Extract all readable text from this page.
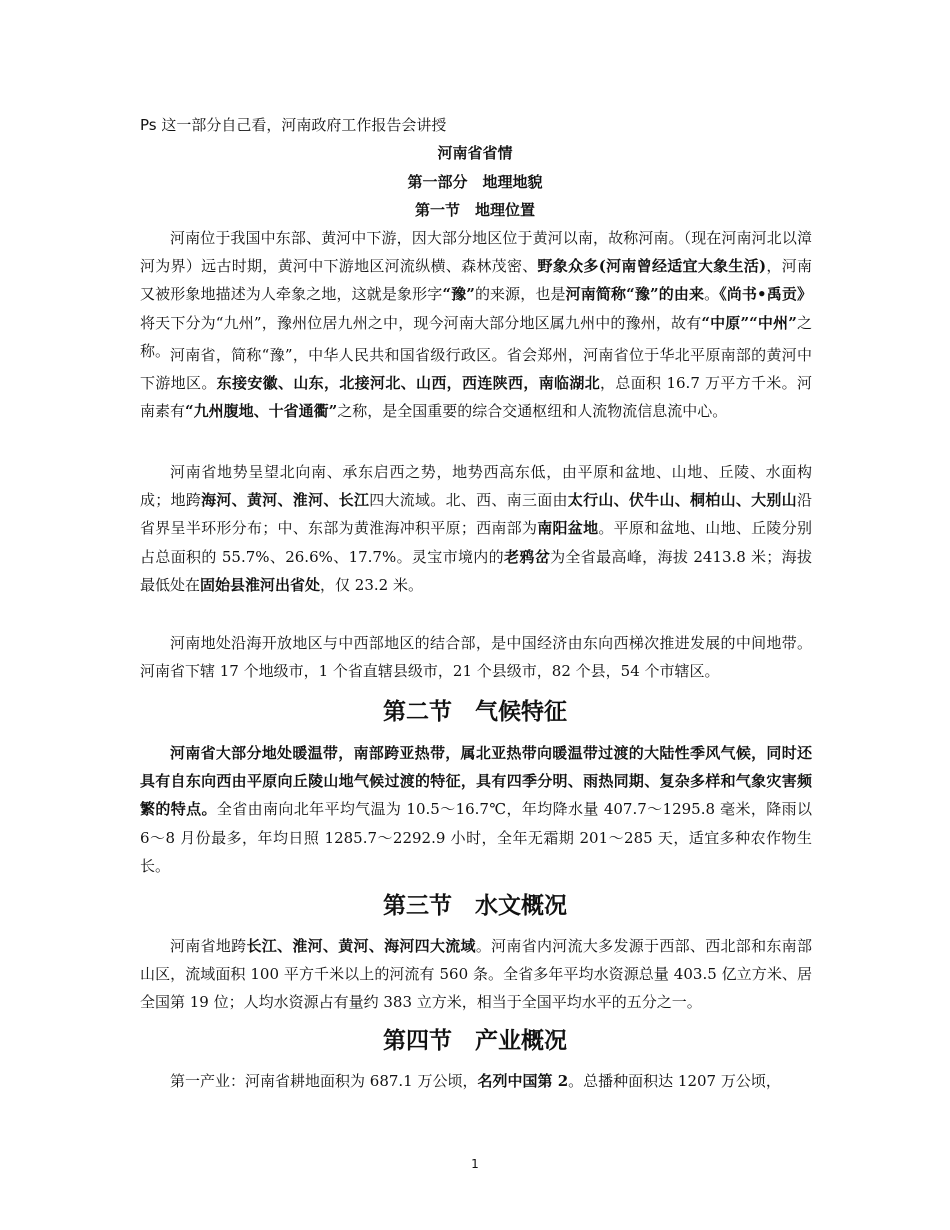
Ps 这一部分自己看，河南政府工作报告会讲授
河南省省情
第一部分　地理地貌
第一节　地理位置

河南位于我国中东部、黄河中下游，因大部分地区位于黄河以南，故称河南。（现在河南河北以漳河为界）远古时期，黄河中下游地区河流纵横、森林茂密、野象众多(河南曾经适宜大象生活)，河南又被形象地描述为人牵象之地，这就是象形字“豫”的来源，也是河南简称“豫”的由来。《尚书•禹贡》将天下分为“九州”，豫州位居九州之中，现今河南大部分地区属九州中的豫州，故有“中原”“中州”之称。 河南省，简称“豫”，中华人民共和国省级行政区。省会郑州，河南省位于华北平原南部的黄河中下游地区。东接安徽、山东，北接河北、山西，西连陕西，南临湖北，总面积 16.7 万平方千米。河南素有“九州腹地、十省通衢”之称，是全国重要的综合交通枢纽和人流物流信息流中心。

河南省地势呈望北向南、承东启西之势，地势西高东低，由平原和盆地、山地、丘陵、水面构成；地跨海河、黄河、淮河、长江四大流域。北、西、南三面由太行山、伏牛山、桐柏山、大别山沿省界呈半环形分布；中、东部为黄淮海冲积平原；西南部为南阳盆地。平原和盆地、山地、丘陵分别占总面积的 55.7%、26.6%、17.7%。灵宝市境内的老鸦岔为全省最高峰，海拔 2413.8 米；海拔最低处在固始县淮河出省处，仅 23.2 米。

河南地处沿海开放地区与中西部地区的结合部，是中国经济由东向西梯次推进发展的中间地带。河南省下辖 17 个地级市，1 个省直辖县级市，21 个县级市，82 个县，54 个市辖区。

第二节　气候特征

河南省大部分地处暖温带，南部跨亚热带，属北亚热带向暖温带过渡的大陆性季风气候，同时还具有自东向西由平原向丘陵山地气候过渡的特征，具有四季分明、雨热同期、复杂多样和气象灾害频繁的特点。全省由南向北年平均气温为 10.5～16.7℃，年均降水量 407.7～1295.8 毫米，降雨以 6～8 月份最多，年均日照 1285.7～2292.9 小时，全年无霜期 201～285 天，适宜多种农作物生长。

第三节　水文概况

河南省地跨长江、淮河、黄河、海河四大流域。河南省内河流大多发源于西部、西北部和东南部山区，流域面积 100 平方千米以上的河流有 560 条。全省多年平均水资源总量 403.5 亿立方米、居全国第 19 位；人均水资源占有量约 383 立方米，相当于全国平均水平的五分之一。

第四节　产业概况

第一产业：河南省耕地面积为 687.1 万公顷，名列中国第 2。总播种面积达 1207 万公顷，

1
